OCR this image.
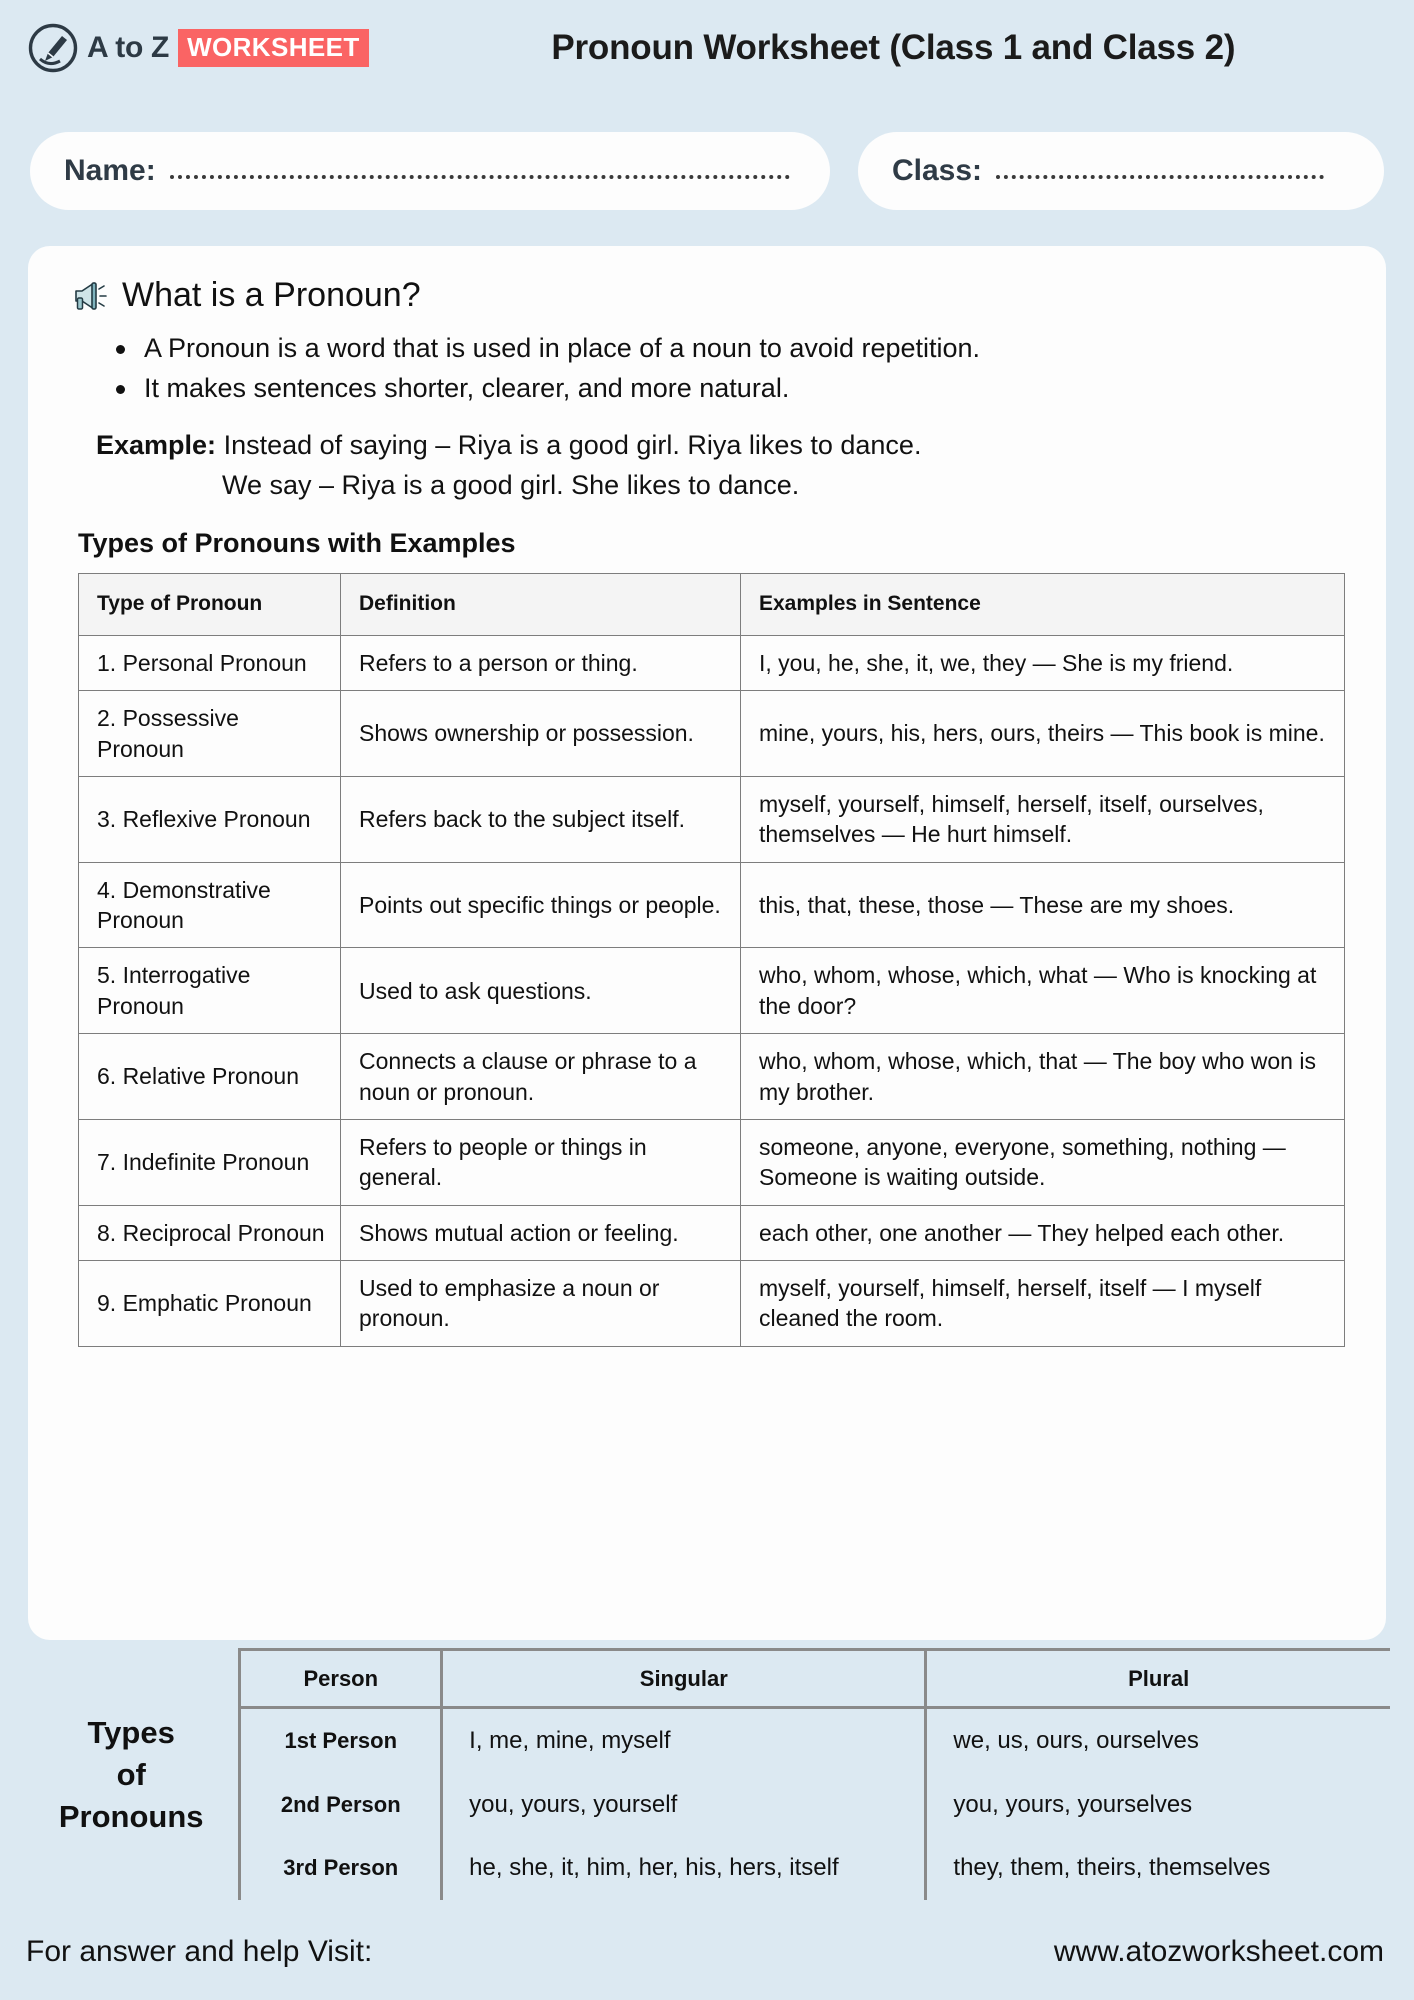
A to Z WORKSHEET	Pronoun Worksheet (Class 1 and Class 2)
Name:	Class:
What is a Pronoun?
A Pronoun is a word that is used in place of a noun to avoid repetition.
It makes sentences shorter, clearer, and more natural.
Example: Instead of saying – Riya is a good girl. Riya likes to dance.
We say – Riya is a good girl. She likes to dance.
Types of Pronouns with Examples
Type of Pronoun	Definition	Examples in Sentence
1. Personal Pronoun	Refers to a person or thing.	I, you, he, she, it, we, they — She is my friend.
2. Possessive Pronoun	Shows ownership or possession.	mine, yours, his, hers, ours, theirs — This book is mine.
3. Reflexive Pronoun	Refers back to the subject itself.	myself, yourself, himself, herself, itself, ourselves, themselves — He hurt himself.
4. Demonstrative Pronoun	Points out specific things or people.	this, that, these, those — These are my shoes.
5. Interrogative Pronoun	Used to ask questions.	who, whom, whose, which, what — Who is knocking at the door?
6. Relative Pronoun	Connects a clause or phrase to a noun or pronoun.	who, whom, whose, which, that — The boy who won is my brother.
7. Indefinite Pronoun	Refers to people or things in general.	someone, anyone, everyone, something, nothing — Someone is waiting outside.
8. Reciprocal Pronoun	Shows mutual action or feeling.	each other, one another — They helped each other.
9. Emphatic Pronoun	Used to emphasize a noun or pronoun.	myself, yourself, himself, herself, itself — I myself cleaned the room.
Types
of
Pronouns	Person	Singular	Plural
	1st Person	I, me, mine, myself	we, us, ours, ourselves
	2nd Person	you, yours, yourself	you, yours, yourselves
	3rd Person	he, she, it, him, her, his, hers, itself	they, them, theirs, themselves
For answer and help Visit:	www.atozworksheet.com
